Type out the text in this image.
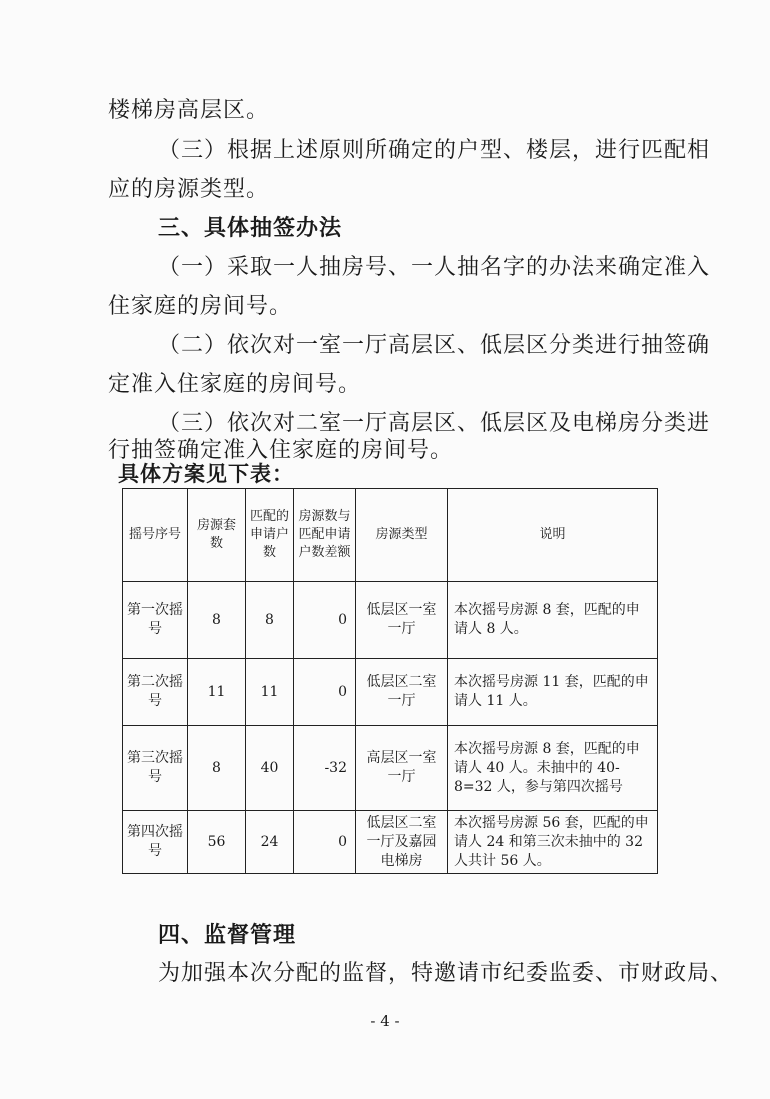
楼梯房高层区。
（三）根据上述原则所确定的户型、楼层，进行匹配相
应的房源类型。
三、具体抽签办法
（一）采取一人抽房号、一人抽名字的办法来确定准入
住家庭的房间号。
（二）依次对一室一厅高层区、低层区分类进行抽签确
定准入住家庭的房间号。
（三）依次对二室一厅高层区、低层区及电梯房分类进
行抽签确定准入住家庭的房间号。
具体方案见下表：
摇号序号	房源套数	匹配的申请户数	房源数与匹配申请户数差额	房源类型	说明
第一次摇号	8	8	0	低层区一室一厅	本次摇号房源 8 套，匹配的申请人 8 人。
第二次摇号	11	11	0	低层区二室一厅	本次摇号房源 11 套，匹配的申请人 11 人。
第三次摇号	8	40	-32	高层区一室一厅	本次摇号房源 8 套，匹配的申请人 40 人。未抽中的 40-8=32 人，参与第四次摇号
第四次摇号	56	24	0	低层区二室一厅及嘉园电梯房	本次摇号房源 56 套，匹配的申请人 24 和第三次未抽中的 32 人共计 56 人。
四、监督管理
为加强本次分配的监督，特邀请市纪委监委、市财政局、
- 4 -
